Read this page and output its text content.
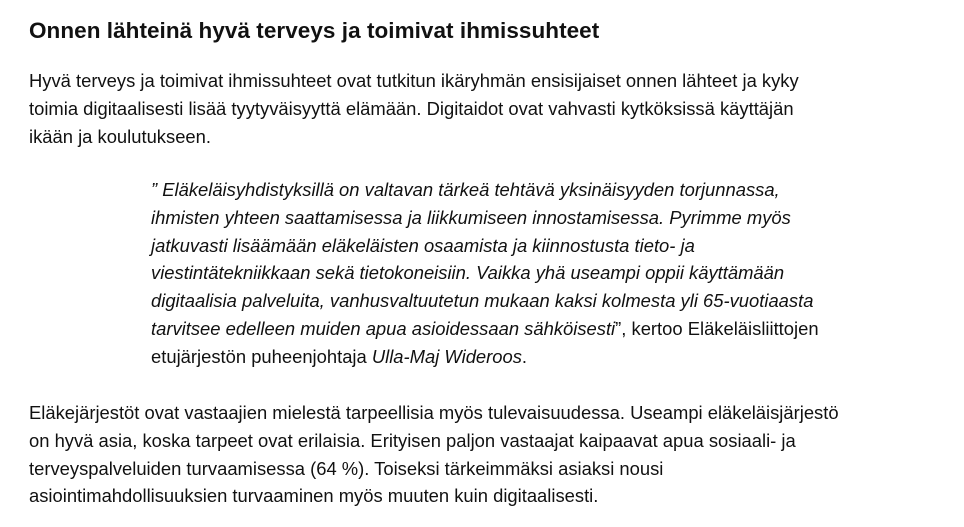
Onnen lähteinä hyvä terveys ja toimivat ihmissuhteet

Hyvä terveys ja toimivat ihmissuhteet ovat tutkitun ikäryhmän ensisijaiset onnen lähteet ja kyky
toimia digitaalisesti lisää tyytyväisyyttä elämään. Digitaidot ovat vahvasti kytköksissä käyttäjän
ikään ja koulutukseen.

” Eläkeläisyhdistyksillä on valtavan tärkeä tehtävä yksinäisyyden torjunnassa,
ihmisten yhteen saattamisessa ja liikkumiseen innostamisessa. Pyrimme myös
jatkuvasti lisäämään eläkeläisten osaamista ja kiinnostusta tieto- ja
viestintätekniikkaan sekä tietokoneisiin. Vaikka yhä useampi oppii käyttämään
digitaalisia palveluita, vanhusvaltuutetun mukaan kaksi kolmesta yli 65-vuotiaasta
tarvitsee edelleen muiden apua asioidessaan sähköisesti”, kertoo Eläkeläisliittojen
etujärjestön puheenjohtaja Ulla-Maj Wideroos.

Eläkejärjestöt ovat vastaajien mielestä tarpeellisia myös tulevaisuudessa. Useampi eläkeläisjärjestö
on hyvä asia, koska tarpeet ovat erilaisia. Erityisen paljon vastaajat kaipaavat apua sosiaali- ja
terveyspalveluiden turvaamisessa (64 %). Toiseksi tärkeimmäksi asiaksi nousi
asiointimahdollisuuksien turvaaminen myös muuten kuin digitaalisesti.
